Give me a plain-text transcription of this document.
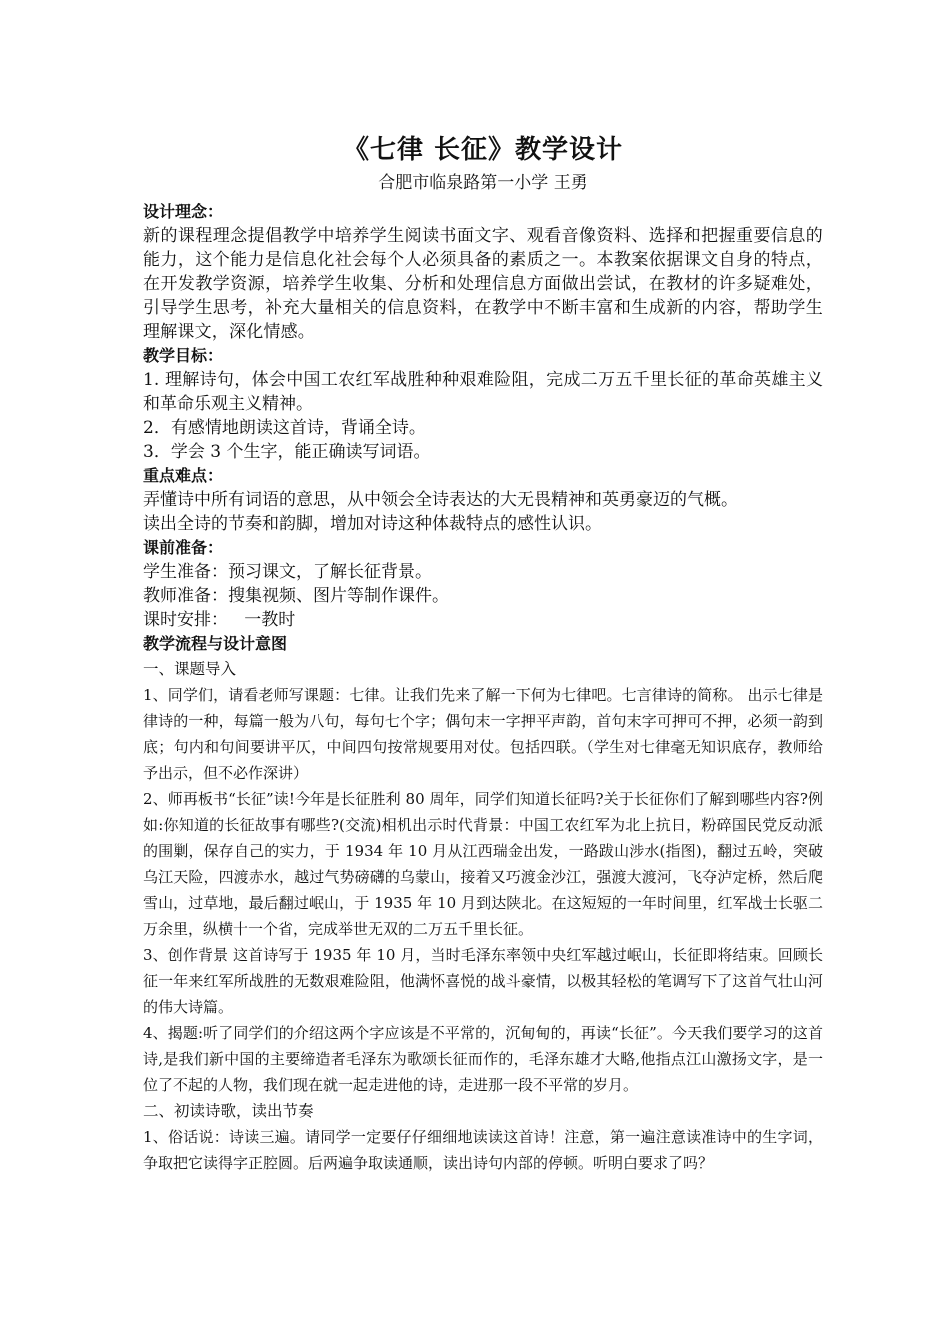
《七律 长征》教学设计

合肥市临泉路第一小学 王勇

设计理念：

新的课程理念提倡教学中培养学生阅读书面文字、观看音像资料、选择和把握重要信息的能力，这个能力是信息化社会每个人必须具备的素质之一。本教案依据课文自身的特点，在开发教学资源，培养学生收集、分析和处理信息方面做出尝试，在教材的许多疑难处，引导学生思考，补充大量相关的信息资料，在教学中不断丰富和生成新的内容，帮助学生理解课文，深化情感。

教学目标：

1. 理解诗句，体会中国工农红军战胜种种艰难险阻，完成二万五千里长征的革命英雄主义和革命乐观主义精神。

2．有感情地朗读这首诗，背诵全诗。

3．学会 3 个生字，能正确读写词语。

重点难点：

弄懂诗中所有词语的意思，从中领会全诗表达的大无畏精神和英勇豪迈的气概。

读出全诗的节奏和韵脚，增加对诗这种体裁特点的感性认识。

课前准备：

学生准备：预习课文，了解长征背景。

教师准备：搜集视频、图片等制作课件。

课时安排：   一教时

教学流程与设计意图

一、课题导入

1、同学们，请看老师写课题：七律。让我们先来了解一下何为七律吧。七言律诗的简称。 出示七律是律诗的一种，每篇一般为八句，每句七个字；偶句末一字押平声韵，首句末字可押可不押，必须一韵到底；句内和句间要讲平仄，中间四句按常规要用对仗。包括四联。（学生对七律毫无知识底存，教师给予出示，但不必作深讲）

2、师再板书“长征”读!今年是长征胜利 80 周年，同学们知道长征吗?关于长征你们了解到哪些内容?例如:你知道的长征故事有哪些?(交流)相机出示时代背景：中国工农红军为北上抗日，粉碎国民党反动派的围剿，保存自己的实力，于 1934 年 10 月从江西瑞金出发，一路跋山涉水(指图)，翻过五岭，突破乌江天险，四渡赤水，越过气势磅礴的乌蒙山，接着又巧渡金沙江，强渡大渡河，飞夺泸定桥，然后爬雪山，过草地，最后翻过岷山，于 1935 年 10 月到达陕北。在这短短的一年时间里，红军战士长驱二万余里，纵横十一个省，完成举世无双的二万五千里长征。

3、创作背景 这首诗写于 1935 年 10 月，当时毛泽东率领中央红军越过岷山，长征即将结束。回顾长征一年来红军所战胜的无数艰难险阻，他满怀喜悦的战斗豪情，以极其轻松的笔调写下了这首气壮山河的伟大诗篇。

4、揭题:听了同学们的介绍这两个字应该是不平常的，沉甸甸的，再读“长征”。今天我们要学习的这首诗,是我们新中国的主要缔造者毛泽东为歌颂长征而作的，毛泽东雄才大略,他指点江山激扬文字，是一位了不起的人物，我们现在就一起走进他的诗，走进那一段不平常的岁月。

二、初读诗歌，读出节奏

1、俗话说：诗读三遍。请同学一定要仔仔细细地读读这首诗！注意，第一遍注意读准诗中的生字词，争取把它读得字正腔圆。后两遍争取读通顺，读出诗句内部的停顿。听明白要求了吗？
